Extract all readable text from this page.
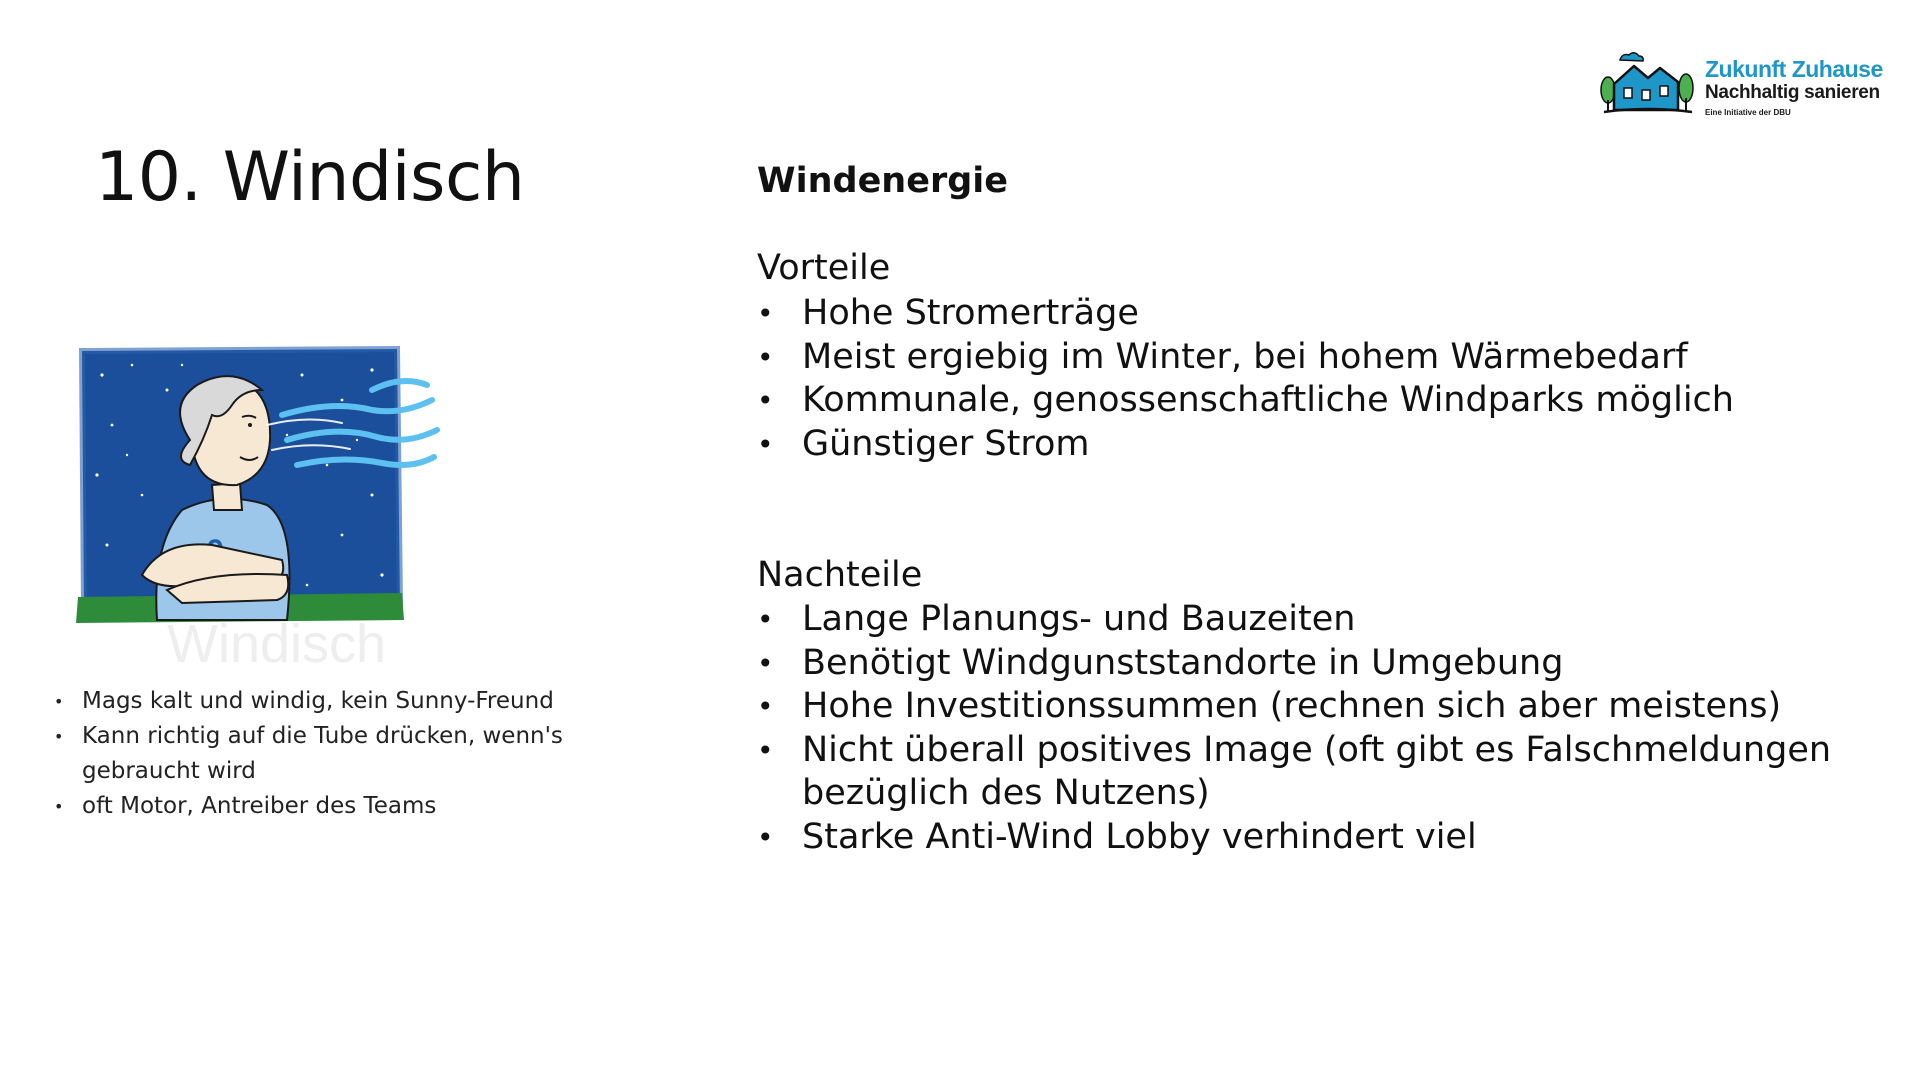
Zukunft Zuhause
Nachhaltig sanieren
Eine Initiative der DBU
10. Windisch
Windisch
• Mags kalt und windig, kein Sunny-Freund
• Kann richtig auf die Tube drücken, wenn's gebraucht wird
• oft Motor, Antreiber des Teams
Windenergie
Vorteile
• Hohe Stromerträge
• Meist ergiebig im Winter, bei hohem Wärmebedarf
• Kommunale, genossenschaftliche Windparks möglich
• Günstiger Strom
Nachteile
• Lange Planungs- und Bauzeiten
• Benötigt Windgunststandorte in Umgebung
• Hohe Investitionssummen (rechnen sich aber meistens)
• Nicht überall positives Image (oft gibt es Falschmeldungen bezüglich des Nutzens)
• Starke Anti-Wind Lobby verhindert viel
